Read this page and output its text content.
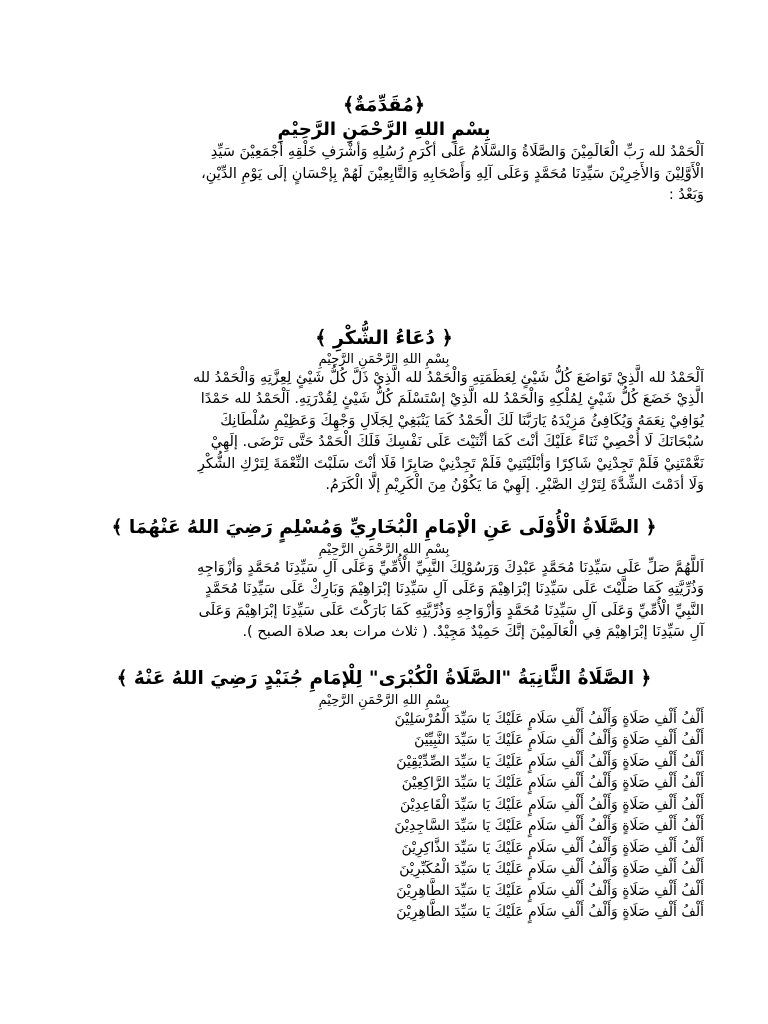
﴿مُقَدِّمَةٌ﴾

بِسْمِ اللهِ الرَّحْمَنِ الرَّحِيْمِ

اَلْحَمْدُ لله رَبِّ الْعَالَمِيْنَ وَالصَّلَاةُ وَالسَّلَامُ عَلَى أكْرَمِ رُسُلِهِ وَأشْرَفِ خَلْقِهِ أجْمَعِيْنَ سَيِّدِ
الْأَوَّلِيْنَ وَالأَخِرِيْنَ سَيِّدِنَا مُحَمَّدٍ وَعَلَى آلِهِ وَأَصْحَابِهِ وَالتَّابِعِيْنَ لَهُمْ بِإحْسَانٍ إلَى يَوْمِ الدِّيْنِ،
وَبَعْدُ :

﴿ دُعَاءُ الشُّكْرِ ﴾

بِسْمِ اللهِ الرَّحْمَنِ الرَّحِيْمِ

اَلْحَمْدُ لله الَّذِيْ تَوَاضَعَ كُلُّ شَيْئٍ لِعَظَمَتِهِ وَالْحَمْدُ لله الَّذِيْ ذَلَّ كُلُّ شَيْئٍ لِعِزَّتِهِ وَالْحَمْدُ لله
الَّذِيْ خَضَعَ كُلُّ شَيْئٍ لِمُلْكِهِ وَالْحَمْدُ لله الَّذِيْ إسْتَسْلَمَ كُلُّ شَيْئٍ لِقُدْرَتِهِ. اَلْحَمْدُ لله حَمْدًا
يُوَافِيْ نِعَمَهُ وَيُكَافِئُ مَزِيْدَهُ يَارَبَّنَا لَكَ الْحَمْدُ كَمَا يَنْبَغِيْ لِجَلَالِ وَجْهِكَ وَعَظِيْمِ سُلْطَانِكَ
سُبْحَانَكَ لَا أُحْصِيْ ثَنَاءً عَلَيْكَ أنْتَ كَمَا أثْنَيْتَ عَلَى نَفْسِكَ فَلَكَ الْحَمْدُ حَتَّى تَرْضَى. إلَهِيْ
نَعَّمْتَنِيْ فَلَمْ تَجِدْنِيْ شَاكِرًا وَأبْلَيْتَنِيْ فَلَمْ تَجِدْنِيْ صَابِرًا فَلَا أنْتَ سَلَبْتَ النِّعْمَةَ لِتَرْكِ الشُّكْرِ
وَلَا أدَمْتَ الشِّدَّةَ لِتَرْكِ الصَّبْرِ. إلَهِيْ مَا يَكُوْنُ مِنَ الْكَرِيْمِ إلَّا الْكَرَمُ.

﴿ الصَّلَاةُ الْأُوْلَى عَنِ الْإمَامِ الْبُخَارِيِّ وَمُسْلِمٍ رَضِيَ اللهُ عَنْهُمَا ﴾

بِسْمِ اللهِ الرَّحْمَنِ الرَّحِيْمِ

اَللَّهُمَّ صَلِّ عَلَى سَيِّدِنَا مُحَمَّدٍ عَبْدِكَ وَرَسُوْلِكَ النَّبِيِّ الْأُمِّيِّ وَعَلَى آلِ سَيِّدِنَا مُحَمَّدٍ وَأزْوَاجِهِ
وَذُرِّيَّتِهِ كَمَا صَلَّيْتَ عَلَى سَيِّدِنَا إبْرَاهِيْمَ وَعَلَى آلِ سَيِّدِنَا إبْرَاهِيْمَ وَبَارِكْ عَلَى سَيِّدِنَا مُحَمَّدٍ
النَّبِيِّ الْأُمِّيِّ وَعَلَى آلِ سَيِّدِنَا مُحَمَّدٍ وَأزْوَاجِهِ وَذُرِّيَّتِهِ كَمَا بَارَكْتَ عَلَى سَيِّدِنَا إبْرَاهِيْمَ وَعَلَى
آلِ سَيِّدِنَا إبْرَاهِيْمَ فِي الْعَالَمِيْنَ إنَّكَ حَمِيْدٌ مَجِيْدٌ. ( ثلاث مرات بعد صلاة الصبح ).

﴿ الصَّلَاةُ الثَّانِيَةُ "الصَّلَاةُ الْكُبْرَى" لِلْإمَامِ جُنَيْدٍ رَضِيَ اللهُ عَنْهُ ﴾

بِسْمِ اللهِ الرَّحْمَنِ الرَّحِيْمِ

أَلْفُ أَلْفِ صَلَاةٍ وَأَلْفُ أَلْفِ سَلَامٍ عَلَيْكَ يَا سَيِّدَ الْمُرْسَلِيْنَ
أَلْفُ أَلْفِ صَلَاةٍ وَأَلْفُ أَلْفِ سَلَامٍ عَلَيْكَ يَا سَيِّدَ النَّبِيِّيْنَ
أَلْفُ أَلْفِ صَلَاةٍ وَأَلْفُ أَلْفِ سَلَامٍ عَلَيْكَ يَا سَيِّدَ الصِّدِّيْقِيْنَ
أَلْفُ أَلْفِ صَلَاةٍ وَأَلْفُ أَلْفِ سَلَامٍ عَلَيْكَ يَا سَيِّدَ الرَّاكِعِيْنَ
أَلْفُ أَلْفِ صَلَاةٍ وَأَلْفُ أَلْفِ سَلَامٍ عَلَيْكَ يَا سَيِّدَ الْقَاعِدِيْنَ
أَلْفُ أَلْفِ صَلَاةٍ وَأَلْفُ أَلْفِ سَلَامٍ عَلَيْكَ يَا سَيِّدَ السَّاجِدِيْنَ
أَلْفُ أَلْفِ صَلَاةٍ وَأَلْفُ أَلْفِ سَلَامٍ عَلَيْكَ يَا سَيِّدَ الذَّاكِرِيْنَ
أَلْفُ أَلْفِ صَلَاةٍ وَأَلْفُ أَلْفِ سَلَامٍ عَلَيْكَ يَا سَيِّدَ الْمُكَبِّرِيْنَ
أَلْفُ أَلْفِ صَلَاةٍ وَأَلْفُ أَلْفِ سَلَامٍ عَلَيْكَ يَا سَيِّدَ الطَّاهِرِيْنَ
أَلْفُ أَلْفِ صَلَاةٍ وَأَلْفُ أَلْفِ سَلَامٍ عَلَيْكَ يَا سَيِّدَ الطَّاهِرِيْنَ
